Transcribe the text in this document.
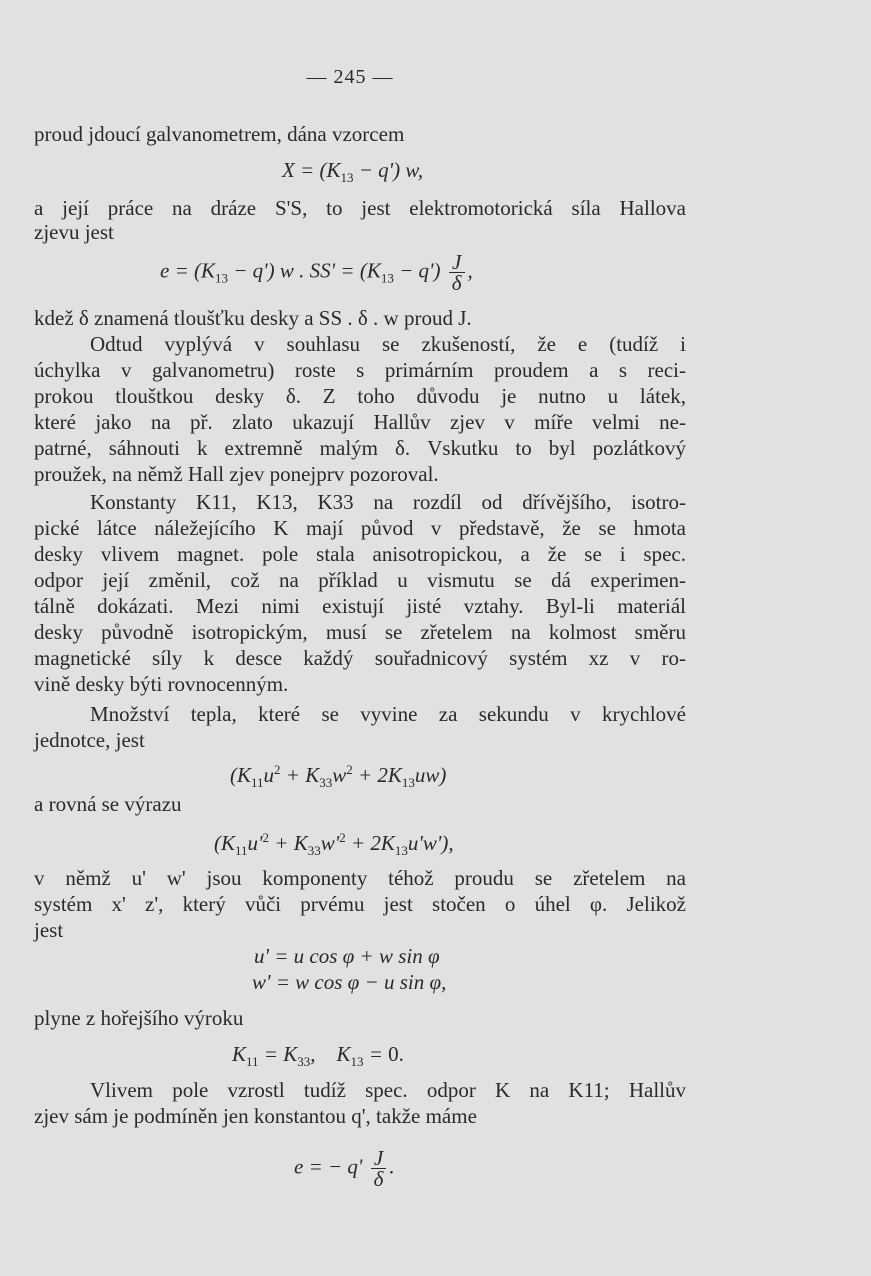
— 245 —
proud jdoucí galvanometrem, dána vzorcem
$X = (K_{13} - q')$ w,
a její práce na dráze S'S, to jest elektromotorická síla Hallova
zjevu jest
$e = (K_{13} - q')$ w . $SS' = (K_{13} - q') \frac{J}{\delta}$ ,
kdež δ znamená tloušťku desky a SS . δ . w proud J.
Odtud vyplývá v souhlasu se zkušeností, že e (tudíž i
úchylka v galvanometru) roste s primárním proudem a s reci-
prokou tlouštkou desky δ. Z toho důvodu je nutno u látek,
které jako na př. zlato ukazují Hallův zjev v míře velmi ne-
patrné, sáhnouti k extremně malým δ. Vskutku to byl pozlátkový
proužek, na němž Hall zjev ponejprv pozoroval.
Konstanty K11, K13, K33 na rozdíl od dřívějšího, isotro-
pické látce náležejícího K mají původ v představě, že se hmota
desky vlivem magnet. pole stala anisotropickou, a že se i spec.
odpor její změnil, což na příklad u vismutu se dá experimen-
tálně dokázati. Mezi nimi existují jisté vztahy. Byl-li materiál
desky původně isotropickým, musí se zřetelem na kolmost směru
magnetické síly k desce každý souřadnicový systém xz v ro-
vině desky býti rovnocenným.
Množství tepla, které se vyvine za sekundu v krychlové
jednotce, jest
$(K_{11}u^2 + K_{33}w^2 + 2K_{13}uw)$
a rovná se výrazu
$(K_{11}u'^2 + K_{33}w'^2 + 2K_{13}u'w')$,
v němž u' w' jsou komponenty téhož proudu se zřetelem na
systém x' z', který vůči prvému jest stočen o úhel φ. Jelikož
jest
u' = u cos φ + w sin φ
w' = w cos φ − u sin φ,
plyne z hořejšího výroku
$K_{11} = K_{33}$,    $K_{13} = 0$.
Vlivem pole vzrostl tudíž spec. odpor K na K11; Hallův
zjev sám je podmíněn jen konstantou q', takže máme
e = − $q' \frac{J}{\delta}$ .
